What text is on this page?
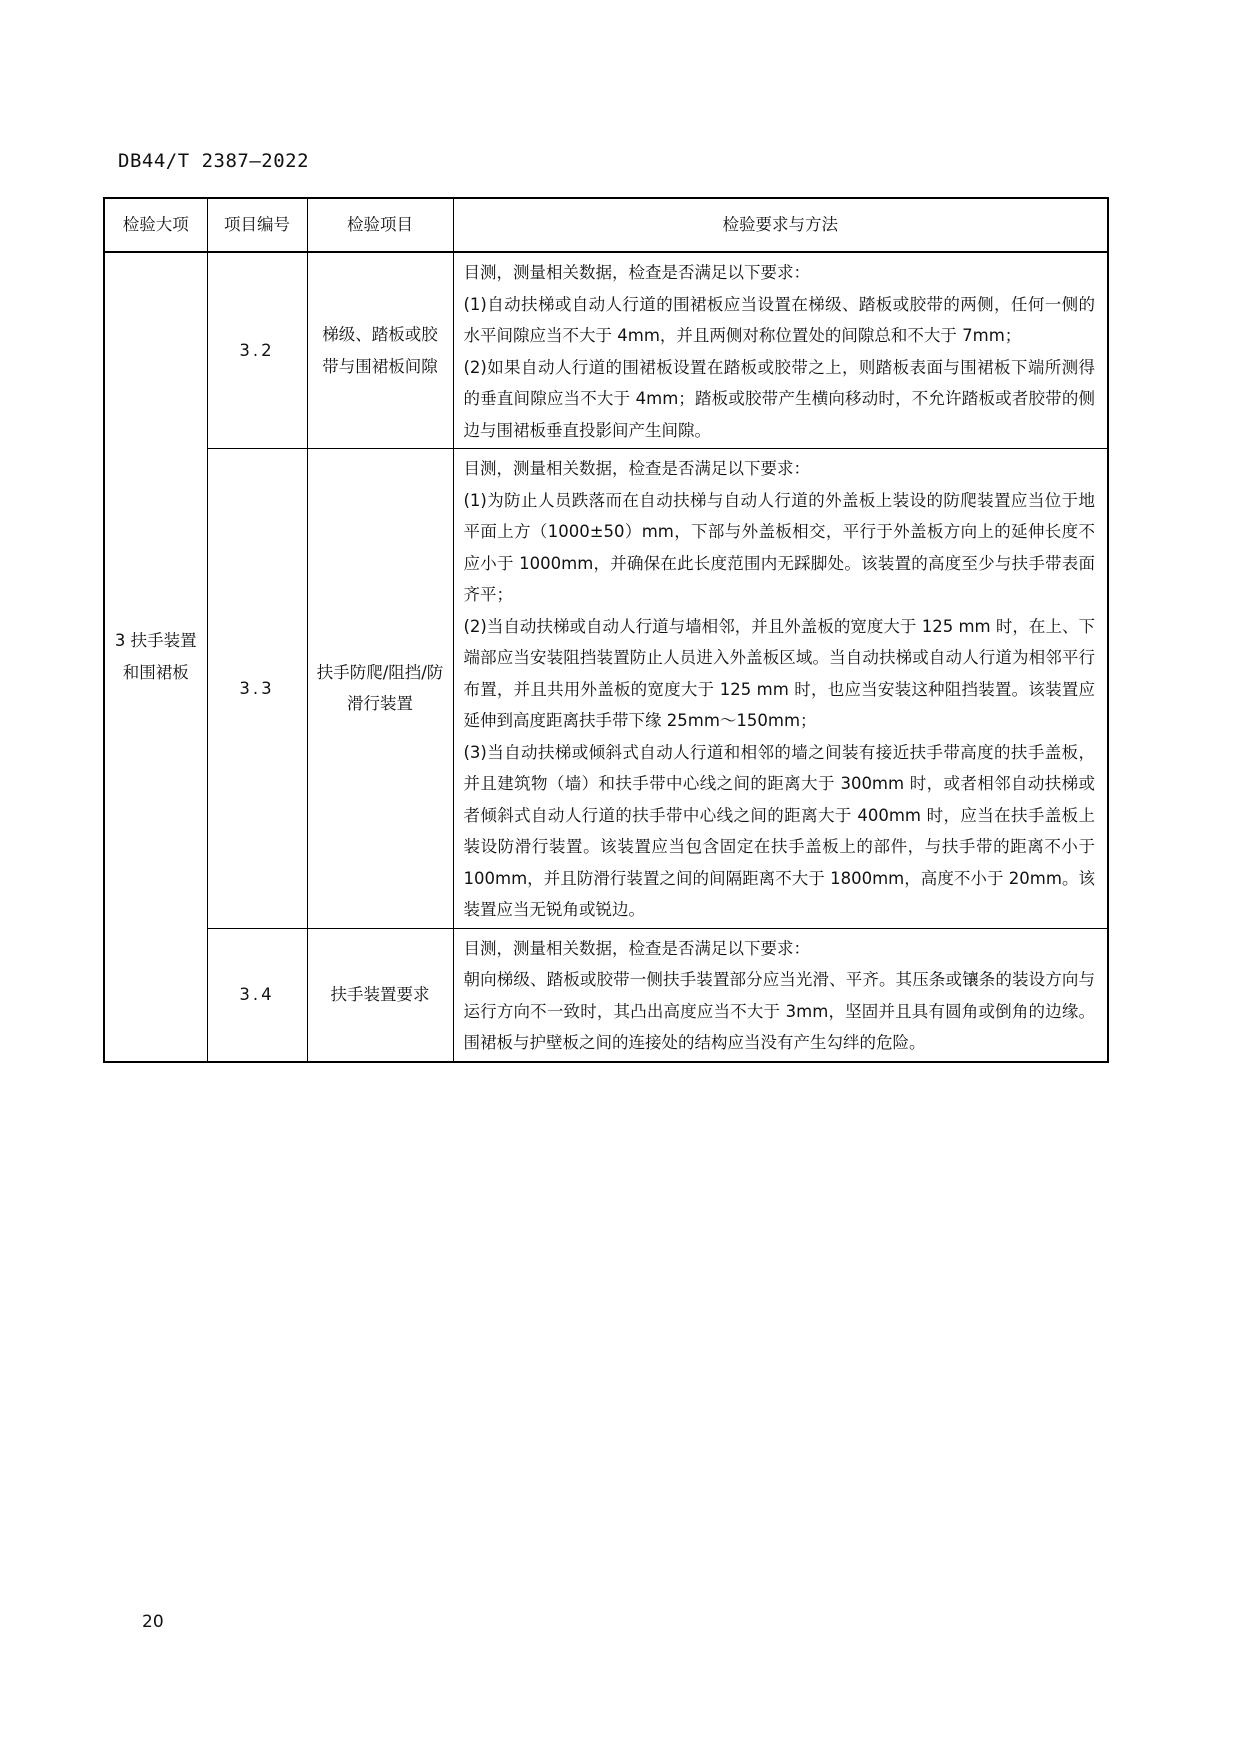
DB44/T 2387—2022
检验大项	项目编号	检验项目	检验要求与方法
3 扶手装置和围裙板	3.2	梯级、踏板或胶带与围裙板间隙	目测，测量相关数据，检查是否满足以下要求：

(1)自动扶梯或自动人行道的围裙板应当设置在梯级、踏板或胶带的两侧，任何一侧的水平间隙应当不大于 4mm，并且两侧对称位置处的间隙总和不大于 7mm；

(2)如果自动人行道的围裙板设置在踏板或胶带之上，则踏板表面与围裙板下端所测得的垂直间隙应当不大于 4mm；踏板或胶带产生横向移动时，不允许踏板或者胶带的侧边与围裙板垂直投影间产生间隙。

	3.3	扶手防爬/阻挡/防滑行装置	目测，测量相关数据，检查是否满足以下要求：

(1)为防止人员跌落而在自动扶梯与自动人行道的外盖板上装设的防爬装置应当位于地平面上方（1000±50）mm，下部与外盖板相交，平行于外盖板方向上的延伸长度不应小于 1000mm，并确保在此长度范围内无踩脚处。该装置的高度至少与扶手带表面齐平；

(2)当自动扶梯或自动人行道与墙相邻，并且外盖板的宽度大于 125 mm 时，在上、下端部应当安装阻挡装置防止人员进入外盖板区域。当自动扶梯或自动人行道为相邻平行布置，并且共用外盖板的宽度大于 125 mm 时，也应当安装这种阻挡装置。该装置应延伸到高度距离扶手带下缘 25mm～150mm；

(3)当自动扶梯或倾斜式自动人行道和相邻的墙之间装有接近扶手带高度的扶手盖板，并且建筑物（墙）和扶手带中心线之间的距离大于 300mm 时，或者相邻自动扶梯或者倾斜式自动人行道的扶手带中心线之间的距离大于 400mm 时，应当在扶手盖板上装设防滑行装置。该装置应当包含固定在扶手盖板上的部件，与扶手带的距离不小于 100mm，并且防滑行装置之间的间隔距离不大于 1800mm，高度不小于 20mm。该装置应当无锐角或锐边。

	3.4	扶手装置要求	目测，测量相关数据，检查是否满足以下要求：

朝向梯级、踏板或胶带一侧扶手装置部分应当光滑、平齐。其压条或镶条的装设方向与运行方向不一致时，其凸出高度应当不大于 3mm，坚固并且具有圆角或倒角的边缘。围裙板与护壁板之间的连接处的结构应当没有产生勾绊的危险。

20
